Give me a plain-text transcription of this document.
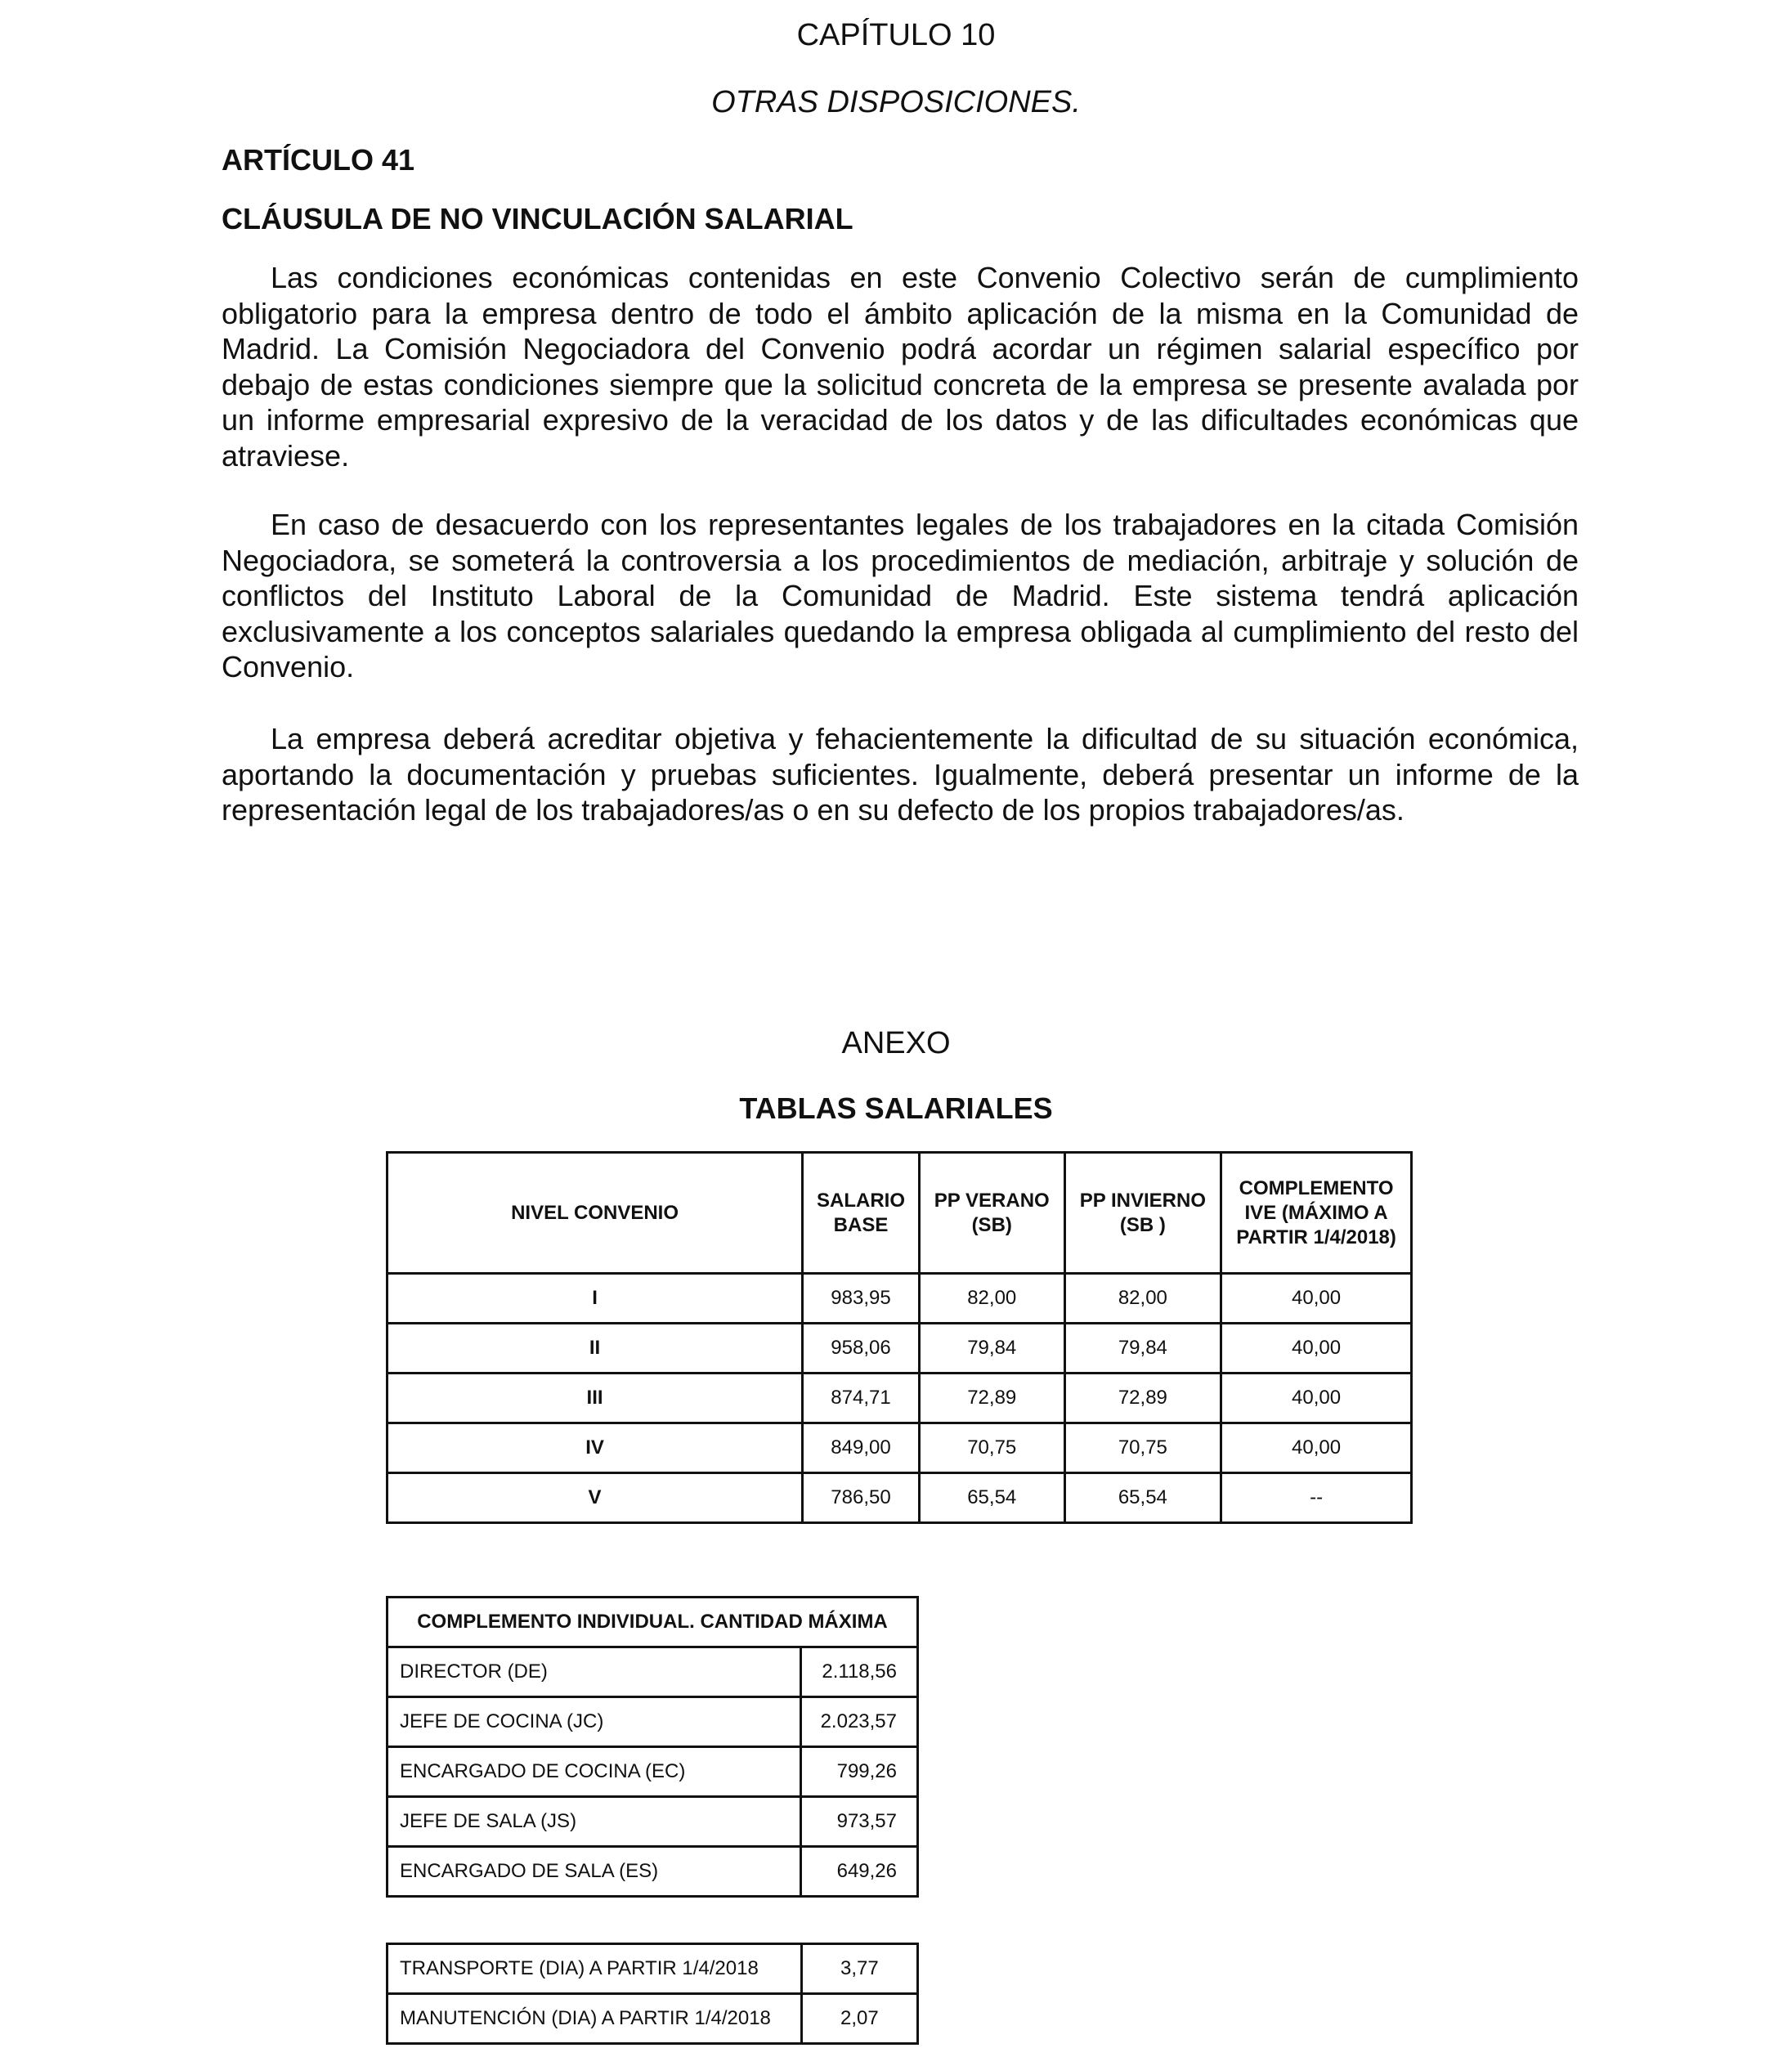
CAPÍTULO 10
OTRAS DISPOSICIONES.
ARTÍCULO 41
CLÁUSULA DE NO VINCULACIÓN SALARIAL

Las condiciones económicas contenidas en este Convenio Colectivo serán de cumplimiento obligatorio para la empresa dentro de todo el ámbito aplicación de la misma en la Comunidad de Madrid. La Comisión Negociadora del Convenio podrá acordar un régimen salarial específico por debajo de estas condiciones siempre que la solicitud concreta de la empresa se presente avalada por un informe empresarial expresivo de la veracidad de los datos y de las dificultades económicas que atraviese.

En caso de desacuerdo con los representantes legales de los trabajadores en la citada Comisión Negociadora, se someterá la controversia a los procedimientos de mediación, arbitraje y solución de conflictos del Instituto Laboral de la Comunidad de Madrid. Este sistema tendrá aplicación exclusivamente a los conceptos salariales quedando la empresa obligada al cumplimiento del resto del Convenio.

La empresa deberá acreditar objetiva y fehacientemente la dificultad de su situación económica, aportando la documentación y pruebas suficientes. Igualmente, deberá presentar un informe de la representación legal de los trabajadores/as o en su defecto de los propios trabajadores/as.

ANEXO
TABLAS SALARIALES
NIVEL CONVENIO	SALARIO BASE	PP VERANO (SB)	PP INVIERNO (SB )	COMPLEMENTO IVE (MÁXIMO A PARTIR 1/4/2018)
I	983,95	82,00	82,00	40,00
II	958,06	79,84	79,84	40,00
III	874,71	72,89	72,89	40,00
IV	849,00	70,75	70,75	40,00
V	786,50	65,54	65,54	--
COMPLEMENTO INDIVIDUAL. CANTIDAD MÁXIMA	
DIRECTOR (DE)	2.118,56
JEFE DE COCINA (JC)	2.023,57
ENCARGADO DE COCINA (EC)	799,26
JEFE DE SALA (JS)	973,57
ENCARGADO DE SALA (ES)	649,26
TRANSPORTE (DIA) A PARTIR 1/4/2018	3,77
MANUTENCIÓN (DIA) A PARTIR 1/4/2018	2,07
